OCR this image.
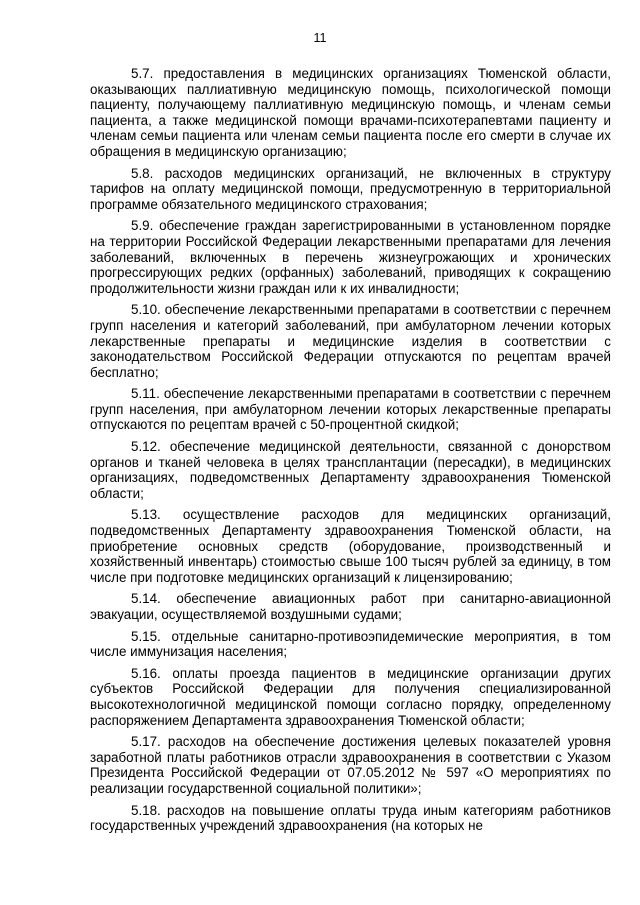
11

5.7. предоставления в медицинских организациях Тюменской области, оказывающих паллиативную медицинскую помощь, психологической помощи пациенту, получающему паллиативную медицинскую помощь, и членам семьи пациента, а также медицинской помощи врачами-психотерапевтами пациенту и членам семьи пациента или членам семьи пациента после его смерти в случае их обращения в медицинскую организацию;

5.8. расходов медицинских организаций, не включенных в структуру тарифов на оплату медицинской помощи, предусмотренную в территориальной программе обязательного медицинского страхования;

5.9. обеспечение граждан зарегистрированными в установленном порядке на территории Российской Федерации лекарственными препаратами для лечения заболеваний, включенных в перечень жизнеугрожающих и хронических прогрессирующих редких (орфанных) заболеваний, приводящих к сокращению продолжительности жизни граждан или к их инвалидности;

5.10. обеспечение лекарственными препаратами в соответствии с перечнем групп населения и категорий заболеваний, при амбулаторном лечении которых лекарственные препараты и медицинские изделия в соответствии с законодательством Российской Федерации отпускаются по рецептам врачей бесплатно;

5.11. обеспечение лекарственными препаратами в соответствии с перечнем групп населения, при амбулаторном лечении которых лекарственные препараты отпускаются по рецептам врачей с 50-процентной скидкой;

5.12. обеспечение медицинской деятельности, связанной с донорством органов и тканей человека в целях трансплантации (пересадки), в медицинских организациях, подведомственных Департаменту здравоохранения Тюменской области;

5.13. осуществление расходов для медицинских организаций, подведомственных Департаменту здравоохранения Тюменской области, на приобретение основных средств (оборудование, производственный и хозяйственный инвентарь) стоимостью свыше 100 тысяч рублей за единицу, в том числе при подготовке медицинских организаций к лицензированию;

5.14. обеспечение авиационных работ при санитарно-авиационной эвакуации, осуществляемой воздушными судами;

5.15. отдельные санитарно-противоэпидемические мероприятия, в том числе иммунизация населения;

5.16. оплаты проезда пациентов в медицинские организации других субъектов Российской Федерации для получения специализированной высокотехнологичной медицинской помощи согласно порядку, определенному распоряжением Департамента здравоохранения Тюменской области;

5.17. расходов на обеспечение достижения целевых показателей уровня заработной платы работников отрасли здравоохранения в соответствии с Указом Президента Российской Федерации от 07.05.2012 № 597 «О мероприятиях по реализации государственной социальной политики»;

5.18. расходов на повышение оплаты труда иным категориям работников государственных учреждений здравоохранения (на которых не
